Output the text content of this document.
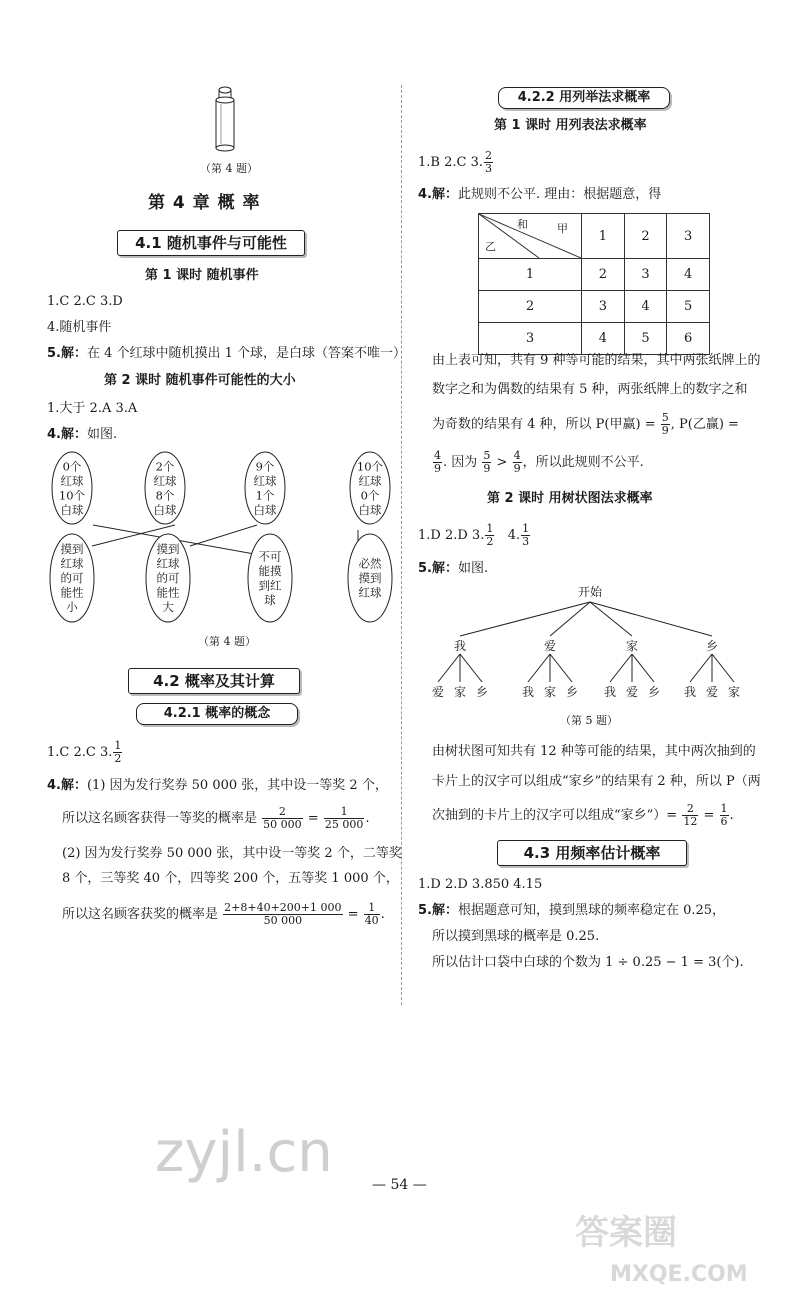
（第 4 题）
第 4 章 概 率
4.1 随机事件与可能性
第 1 课时 随机事件
1.C 2.C 3.D
4.随机事件
5.解：在 4 个红球中随机摸出 1 个球，是白球（答案不唯一）
第 2 课时 随机事件可能性的大小
1.大于 2.A 3.A
4.解：如图.
0个
红球
10个
白球
2个
红球
8个
白球
9个
红球
1个
白球
10个
红球
0个
白球
摸到
红球
的可
能性
小
摸到
红球
的可
能性
大
不可
能摸
到红
球
必然
摸到
红球
（第 4 题）
4.2 概率及其计算
4.2.1 概率的概念
1.C 2.C 3. $\frac{1}{2}$
4.解：(1) 因为发行奖券 50 000 张，其中设一等奖 2 个，
所以这名顾客获得一等奖的概率是 $\frac{2}{50 000} = \frac{1}{25 000}$ .
(2) 因为发行奖券 50 000 张，其中设一等奖 2 个，二等奖
8 个，三等奖 40 个，四等奖 200 个，五等奖 1 000 个，
所以这名顾客获奖的概率是 $\frac{2+8+40+200+1 000}{50 000} = \frac{1}{40}$ .
4.2.2 用列举法求概率
第 1 课时 用列表法求概率
1.B 2.C 3. $\frac{2}{3}$
4.解：此规则不公平. 理由：根据题意，得
和 甲
乙	1	2	3
1	2	3	4
2	3	4	5
3	4	5	6
由上表可知，共有 9 种等可能的结果，其中两张纸牌上的
数字之和为偶数的结果有 5 种，两张纸牌上的数字之和
为奇数的结果有 4 种，所以 P(甲赢) = $\frac{5}{9}$ , P(乙赢) =
$\frac{4}{9}$ . 因为 $\frac{5}{9} > \frac{4}{9}$ ，所以此规则不公平.
第 2 课时 用树状图法求概率
1.D 2.D 3. $\frac{1}{2} 4$. $\frac{1}{3}$
5.解：如图.
开始
我
爱 家 乡
爱
我 家 乡
家
我 爱 乡
乡
我 爱 家
（第 5 题）
由树状图可知共有 12 种等可能的结果，其中两次抽到的
卡片上的汉字可以组成“家乡”的结果有 2 种，所以 P（两
次抽到的卡片上的汉字可以组成“家乡”）= $\frac{2}{12} = \frac{1}{6}$ .
4.3 用频率估计概率
1.D 2.D 3.850 4.15
5.解：根据题意可知，摸到黑球的频率稳定在 0.25，
所以摸到黑球的概率是 0.25.
所以估计口袋中白球的个数为 1 ÷ 0.25 − 1 = 3(个).
— 54 —
zyjl.cn
答案圈
MXQE.COM
